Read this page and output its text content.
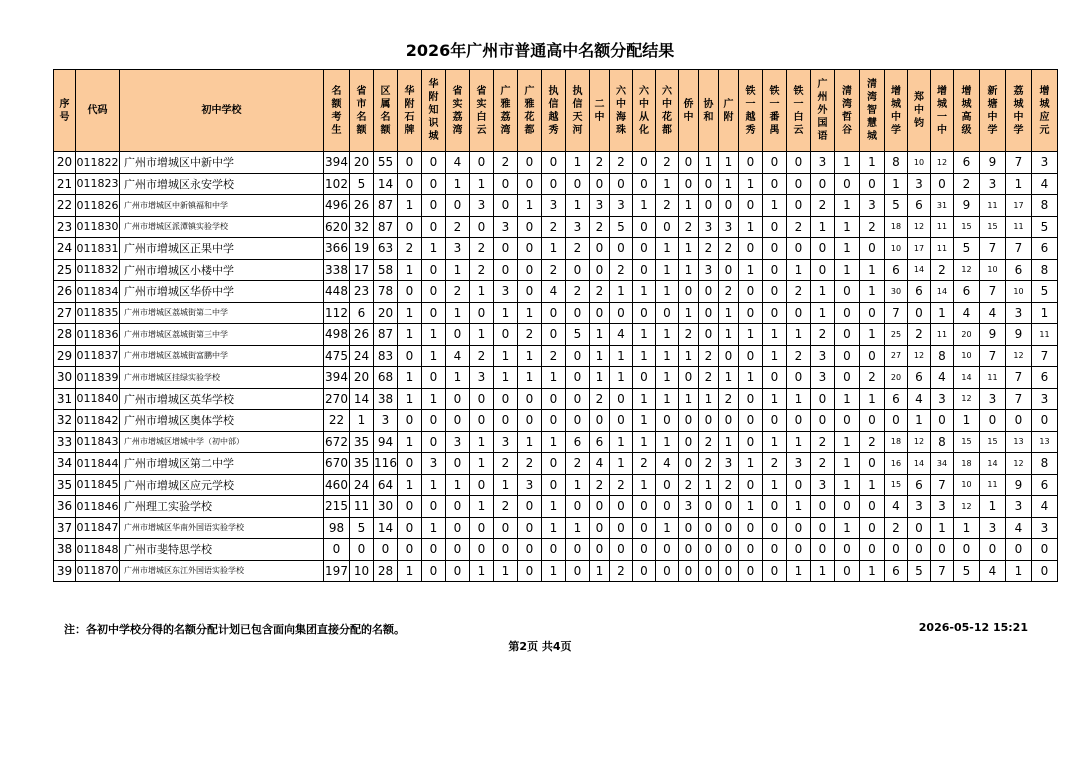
2026年广州市普通高中名额分配结果
序号	代码	初中学校	名额考生	省市名额	区属名额	华附石牌	华附知识城	省实荔湾	省实白云	广雅荔湾	广雅花都	执信越秀	执信天河	二中	六中海珠	六中从化	六中花都	侨中	协和	广附	铁一越秀	铁一番禺	铁一白云	广州外国语	清湾哲谷	清湾智慧城	增城中学	郑中钧	增城一中	增城高级	新塘中学	荔城中学	增城应元	

20	011822	广州市增城区中新中学	394	20	55	0	0	4	0	2	0	0	1	2	2	0	2	0	1	1	0	0	0	3	1	1	8	10	12	6	9	7	3	
21	011823	广州市增城区永安学校	102	5	14	0	0	1	1	0	0	0	0	0	0	0	1	0	0	1	1	0	0	0	0	0	1	3	0	2	3	1	4	
22	011826	广州市增城区中新镇福和中学	496	26	87	1	0	0	3	0	1	3	1	3	3	1	2	1	0	0	0	1	0	2	1	3	5	6	31	9	11	17	8	
23	011830	广州市增城区派潭镇实验学校	620	32	87	0	0	2	0	3	0	2	3	2	5	0	0	2	3	3	1	0	2	1	1	2	18	12	11	15	15	11	5	
24	011831	广州市增城区正果中学	366	19	63	2	1	3	2	0	0	1	2	0	0	0	1	1	2	2	0	0	0	0	1	0	10	17	11	5	7	7	6	
25	011832	广州市增城区小楼中学	338	17	58	1	0	1	2	0	0	2	0	0	2	0	1	1	3	0	1	0	1	0	1	1	6	14	2	12	10	6	8	
26	011834	广州市增城区华侨中学	448	23	78	0	0	2	1	3	0	4	2	2	1	1	1	0	0	2	0	0	2	1	0	1	30	6	14	6	7	10	5	
27	011835	广州市增城区荔城街第二中学	112	6	20	1	0	1	0	1	1	0	0	0	0	0	0	1	0	1	0	0	0	1	0	0	7	0	1	4	4	3	1	
28	011836	广州市增城区荔城街第三中学	498	26	87	1	1	0	1	0	2	0	5	1	4	1	1	2	0	1	1	1	1	2	0	1	25	2	11	20	9	9	11	
29	011837	广州市增城区荔城街富鹏中学	475	24	83	0	1	4	2	1	1	2	0	1	1	1	1	1	2	0	0	1	2	3	0	0	27	12	8	10	7	12	7	
30	011839	广州市增城区挂绿实验学校	394	20	68	1	0	1	3	1	1	1	0	1	1	0	1	0	2	1	1	0	0	3	0	2	20	6	4	14	11	7	6	
31	011840	广州市增城区英华学校	270	14	38	1	1	0	0	0	0	0	0	2	0	1	1	1	1	2	0	1	1	0	1	1	6	4	3	12	3	7	3	
32	011842	广州市增城区奥体学校	22	1	3	0	0	0	0	0	0	0	0	0	0	1	0	0	0	0	0	0	0	0	0	0	0	1	0	1	0	0	0	
33	011843	广州市增城区增城中学（初中部）	672	35	94	1	0	3	1	3	1	1	6	6	1	1	1	0	2	1	0	1	1	2	1	2	18	12	8	15	15	13	13	
34	011844	广州市增城区第二中学	670	35	116	0	3	0	1	2	2	0	2	4	1	2	4	0	2	3	1	2	3	2	1	0	16	14	34	18	14	12	8	
35	011845	广州市增城区应元学校	460	24	64	1	1	1	0	1	3	0	1	2	2	1	0	2	1	2	0	1	0	3	1	1	15	6	7	10	11	9	6	
36	011846	广州理工实验学校	215	11	30	0	0	0	1	2	0	1	0	0	0	0	0	3	0	0	1	0	1	0	0	0	4	3	3	12	1	3	4	
37	011847	广州市增城区华南外国语实验学校	98	5	14	0	1	0	0	0	0	1	1	0	0	0	1	0	0	0	0	0	0	0	1	0	2	0	1	1	3	4	3	
38	011848	广州市斐特思学校	0	0	0	0	0	0	0	0	0	0	0	0	0	0	0	0	0	0	0	0	0	0	0	0	0	0	0	0	0	0	0	
39	011870	广州市增城区东江外国语实验学校	197	10	28	1	0	0	1	1	0	1	0	1	2	0	0	0	0	0	0	0	1	1	0	1	6	5	7	5	4	1	0	
注：各初中学校分得的名额分配计划已包含面向集团直接分配的名额。	2026-05-12 15:21
第2页 共4页
